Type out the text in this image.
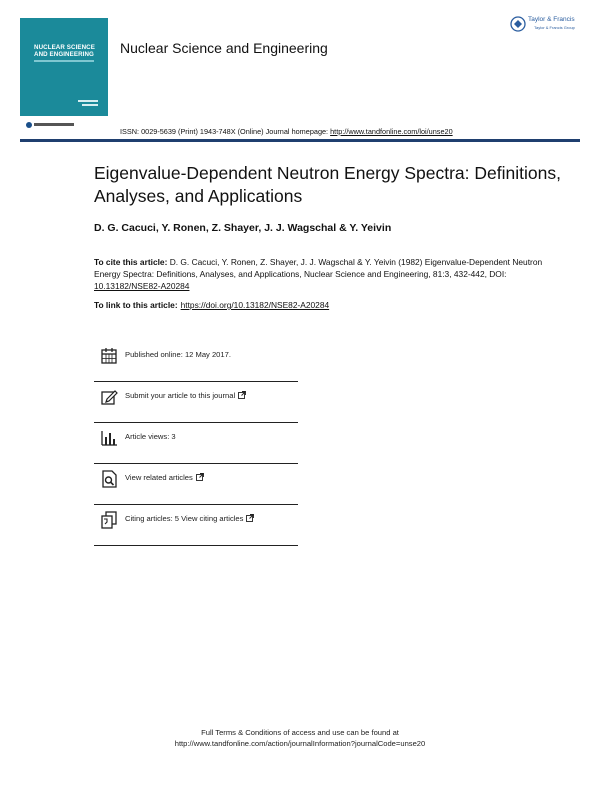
NUCLEAR SCIENCE
AND ENGINEERING	Nuclear Science and Engineering
Taylor & Francis
Taylor & Francis Group
ISSN: 0029-5639 (Print) 1943-748X (Online) Journal homepage: http://www.tandfonline.com/loi/unse20
Eigenvalue-Dependent Neutron Energy Spectra: Definitions, Analyses, and Applications
D. G. Cacuci, Y. Ronen, Z. Shayer, J. J. Wagschal & Y. Yeivin
To cite this article: D. G. Cacuci, Y. Ronen, Z. Shayer, J. J. Wagschal & Y. Yeivin (1982) Eigenvalue-Dependent Neutron Energy Spectra: Definitions, Analyses, and Applications, Nuclear Science and Engineering, 81:3, 432-442, DOI: 10.13182/NSE82-A20284
To link to this article: https://doi.org/10.13182/NSE82-A20284
Published online: 12 May 2017.
Submit your article to this journal
Article views: 3
View related articles
Citing articles: 5 View citing articles
Full Terms & Conditions of access and use can be found at
http://www.tandfonline.com/action/journalInformation?journalCode=unse20
